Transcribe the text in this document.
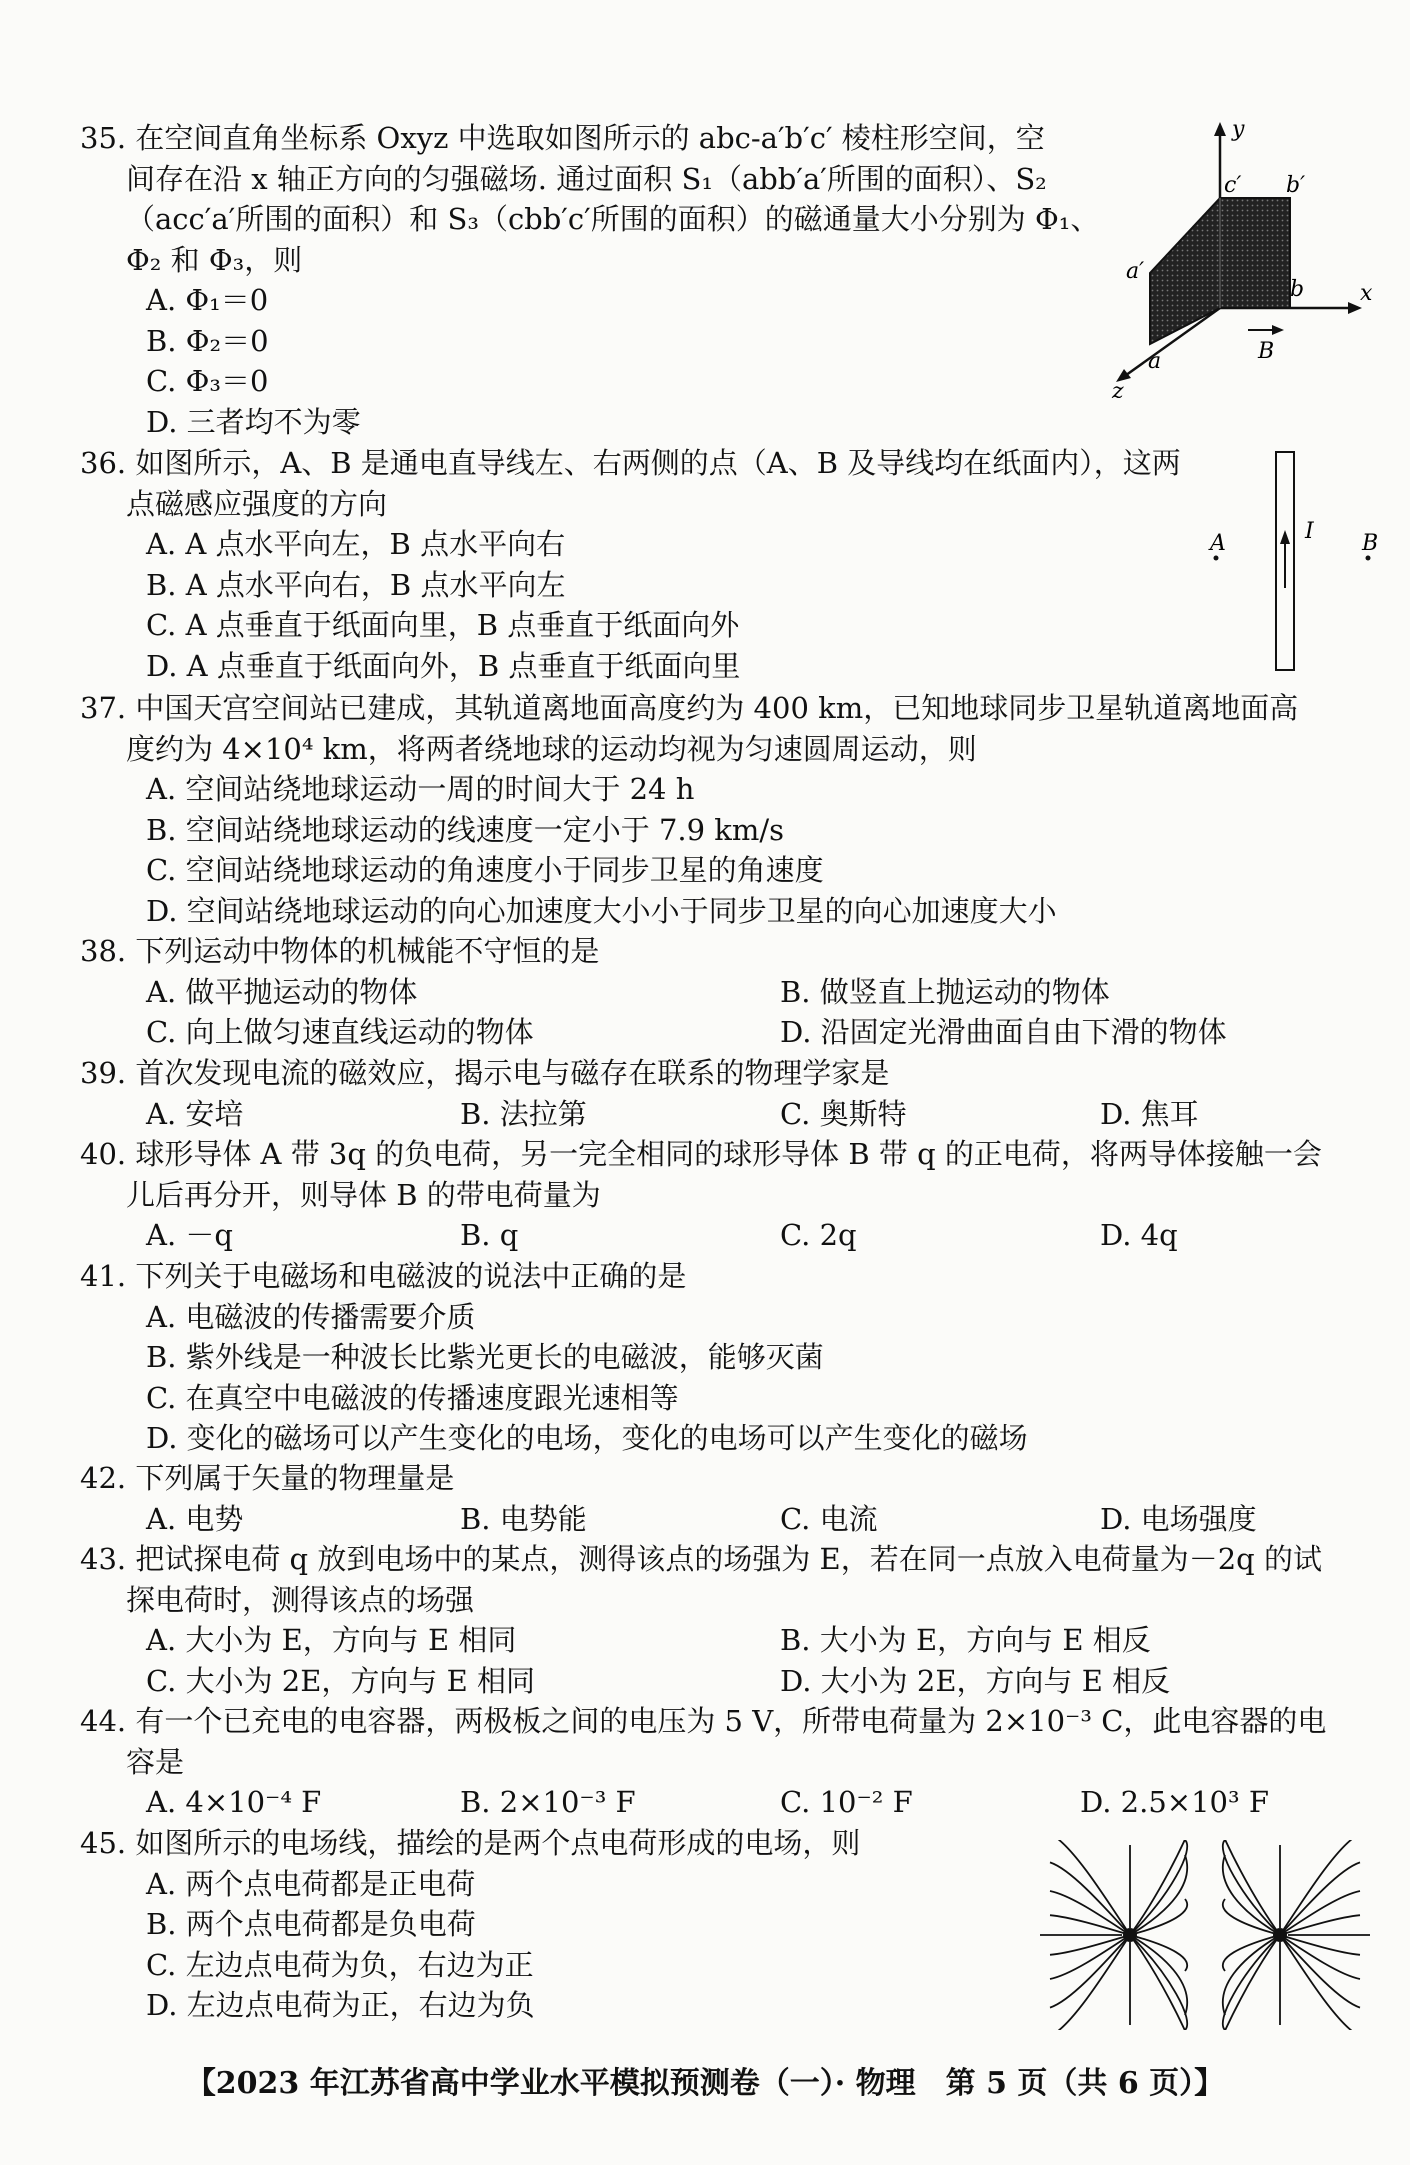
35. 在空间直角坐标系 Oxyz 中选取如图所示的 abc-a′b′c′ 棱柱形空间，空
间存在沿 x 轴正方向的匀强磁场. 通过面积 S₁（abb′a′所围的面积）、S₂
（acc′a′所围的面积）和 S₃（cbb′c′所围的面积）的磁通量大小分别为 Φ₁、
Φ₂ 和 Φ₃，则
A. Φ₁＝0
B. Φ₂＝0
C. Φ₃＝0
D. 三者均不为零
y
c′ b′
a′
b	x
B
a
z
36. 如图所示，A、B 是通电直导线左、右两侧的点（A、B 及导线均在纸面内），这两
点磁感应强度的方向
A. A 点水平向左，B 点水平向右
B. A 点水平向右，B 点水平向左
C. A 点垂直于纸面向里，B 点垂直于纸面向外
D. A 点垂直于纸面向外，B 点垂直于纸面向里
I
A	B
37. 中国天宫空间站已建成，其轨道离地面高度约为 400 km，已知地球同步卫星轨道离地面高
度约为 4×10⁴ km，将两者绕地球的运动均视为匀速圆周运动，则
A. 空间站绕地球运动一周的时间大于 24 h
B. 空间站绕地球运动的线速度一定小于 7.9 km/s
C. 空间站绕地球运动的角速度小于同步卫星的角速度
D. 空间站绕地球运动的向心加速度大小小于同步卫星的向心加速度大小
38. 下列运动中物体的机械能不守恒的是
A. 做平抛运动的物体	B. 做竖直上抛运动的物体
C. 向上做匀速直线运动的物体	D. 沿固定光滑曲面自由下滑的物体
39. 首次发现电流的磁效应，揭示电与磁存在联系的物理学家是
A. 安培	B. 法拉第	C. 奥斯特	D. 焦耳
40. 球形导体 A 带 3q 的负电荷，另一完全相同的球形导体 B 带 q 的正电荷，将两导体接触一会
儿后再分开，则导体 B 的带电荷量为
A. －q	B. q	C. 2q	D. 4q
41. 下列关于电磁场和电磁波的说法中正确的是
A. 电磁波的传播需要介质
B. 紫外线是一种波长比紫光更长的电磁波，能够灭菌
C. 在真空中电磁波的传播速度跟光速相等
D. 变化的磁场可以产生变化的电场，变化的电场可以产生变化的磁场
42. 下列属于矢量的物理量是
A. 电势	B. 电势能	C. 电流	D. 电场强度
43. 把试探电荷 q 放到电场中的某点，测得该点的场强为 E，若在同一点放入电荷量为－2q 的试
探电荷时，测得该点的场强
A. 大小为 E，方向与 E 相同	B. 大小为 E，方向与 E 相反
C. 大小为 2E，方向与 E 相同	D. 大小为 2E，方向与 E 相反
44. 有一个已充电的电容器，两极板之间的电压为 5 V，所带电荷量为 2×10⁻³ C，此电容器的电
容是
A. 4×10⁻⁴ F	B. 2×10⁻³ F	C. 10⁻² F	D. 2.5×10³ F
45. 如图所示的电场线，描绘的是两个点电荷形成的电场，则
A. 两个点电荷都是正电荷
B. 两个点电荷都是负电荷
C. 左边点电荷为负，右边为正
D. 左边点电荷为正，右边为负
【2023 年江苏省高中学业水平模拟预测卷（一）· 物理　第 5 页（共 6 页）】
